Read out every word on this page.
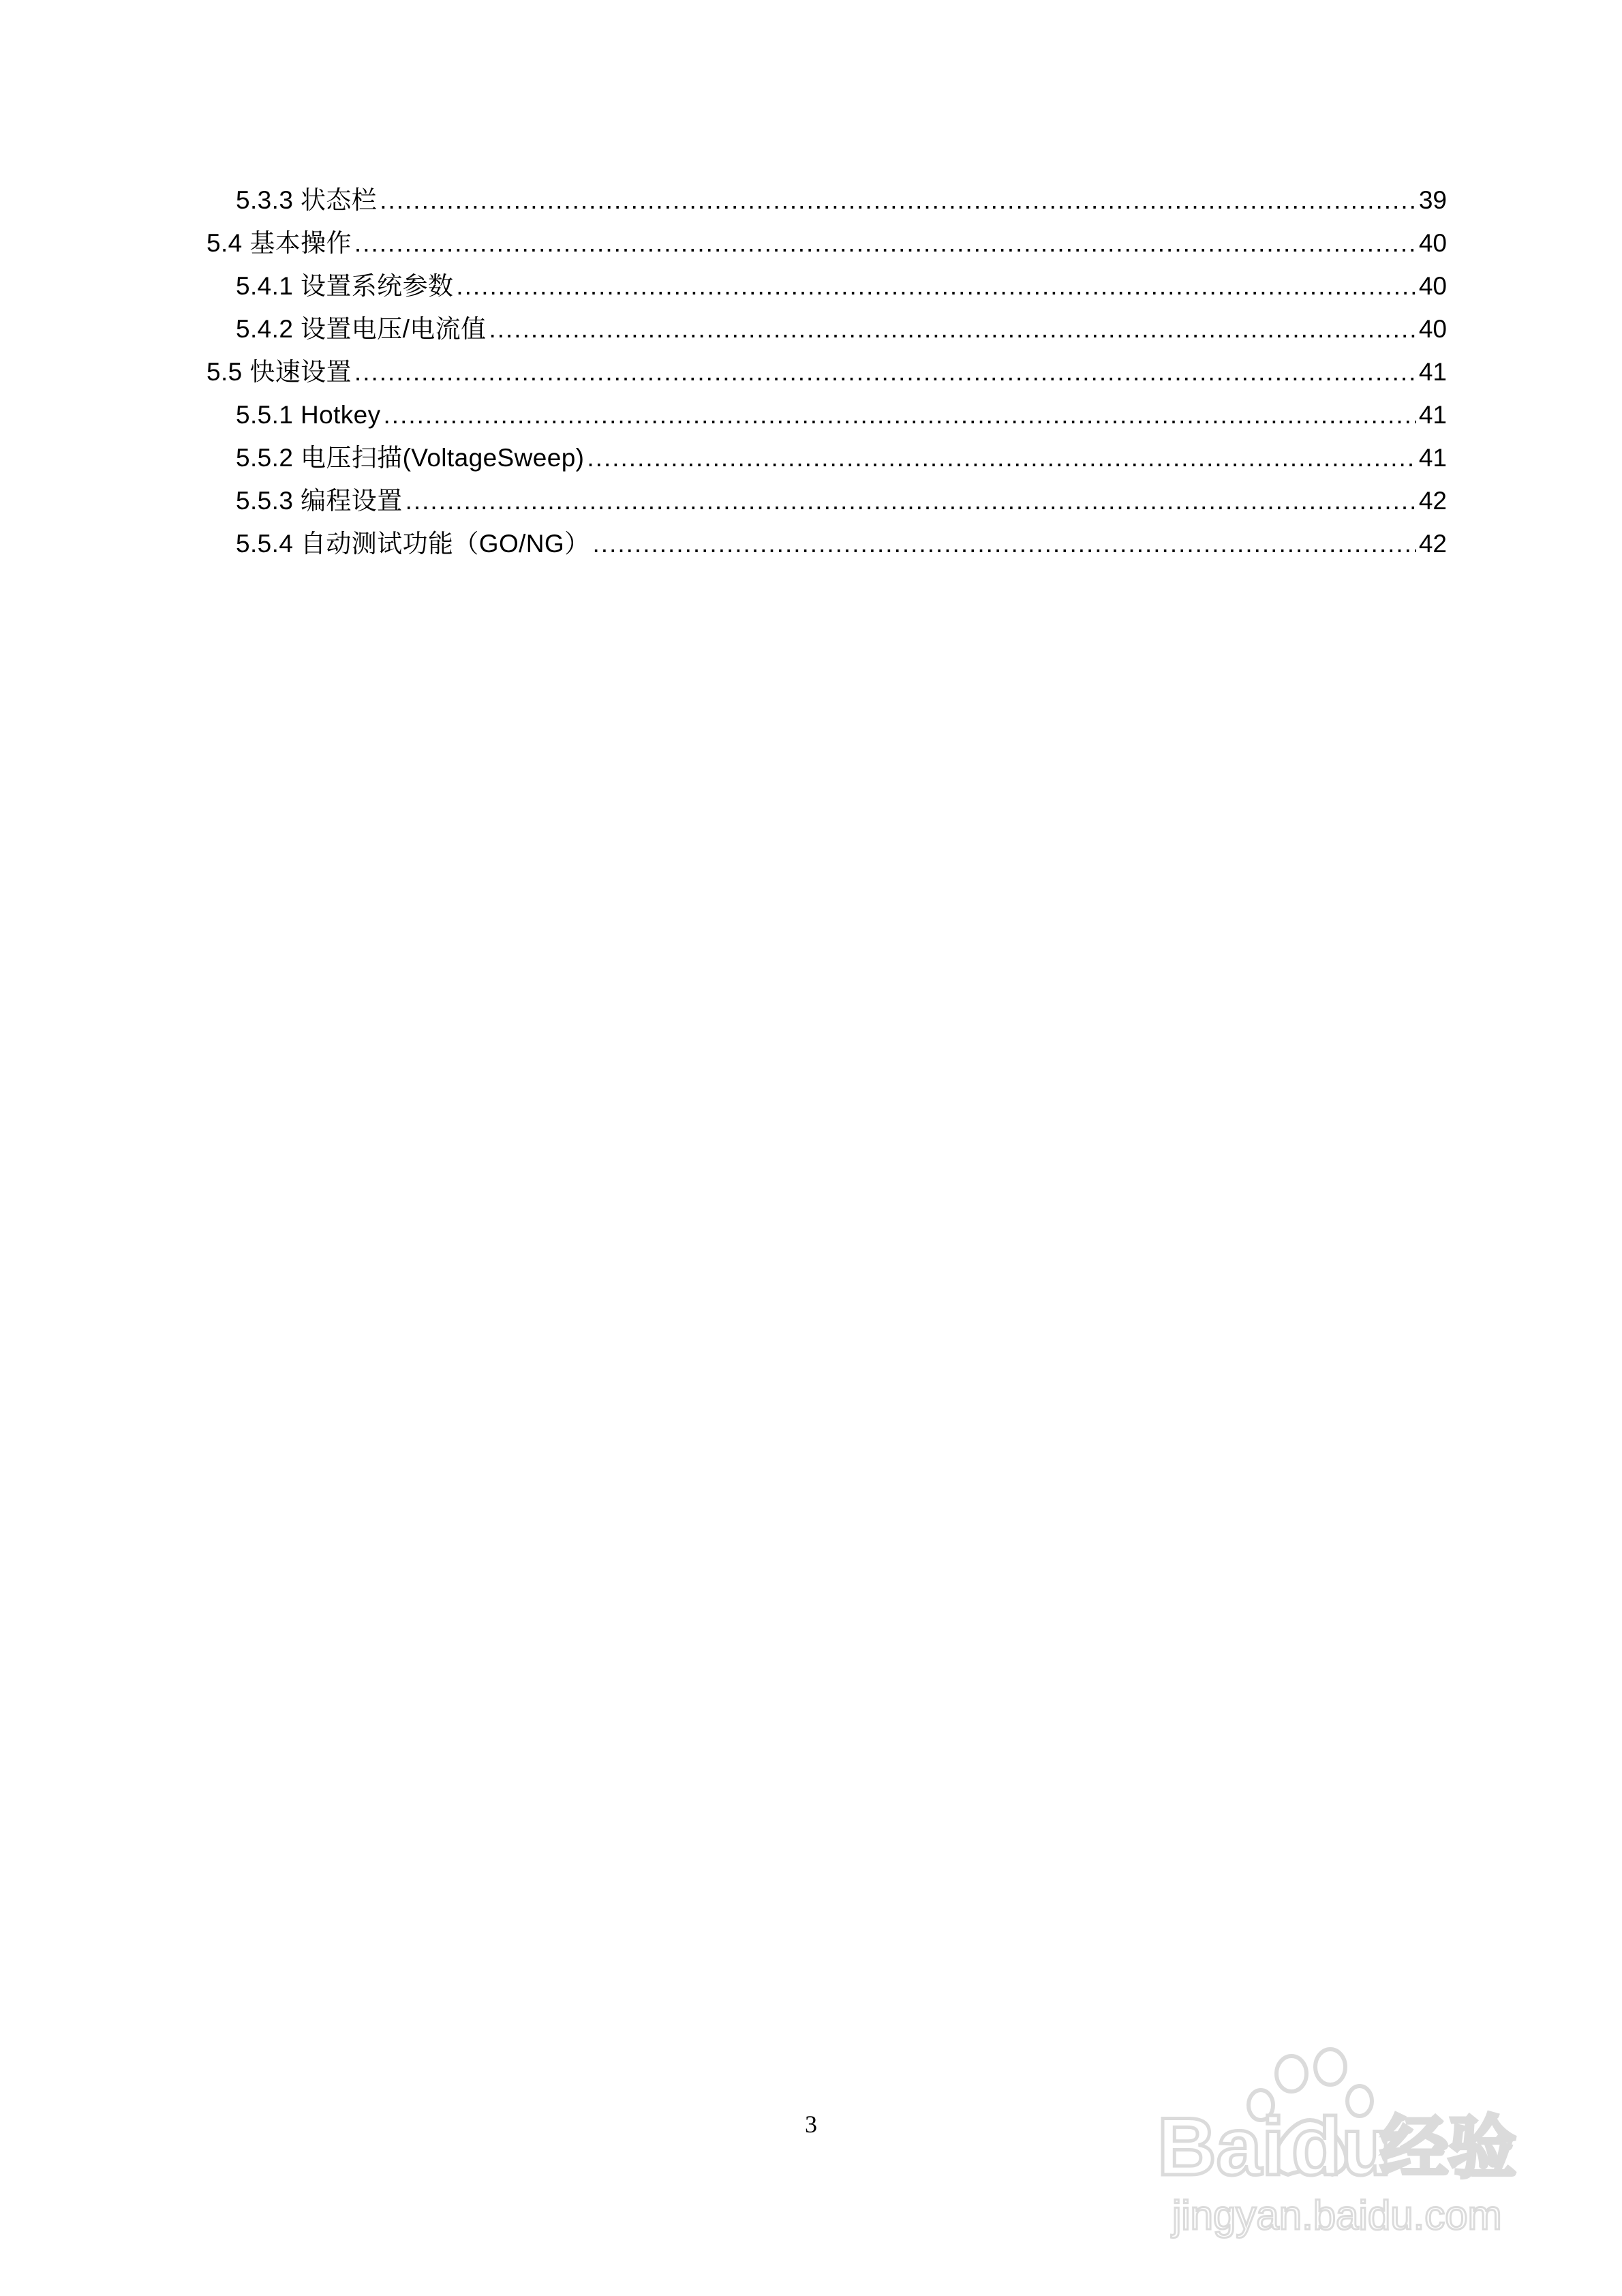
5.3.3 状态栏 .....	39
5.4 基本操作 .....	40
5.4.1 设置系统参数 .....	40
5.4.2 设置电压/电流值 .....	40
5.5 快速设置 .....	41
5.5.1 Hotkey .....	41
5.5.2 电压扫描(VoltageSweep) .....	41
5.5.3 编程设置 .....	42
5.5.4 自动测试功能（GO/NG） .....	42
3	Bai du
经验
jingyan.baidu.com
